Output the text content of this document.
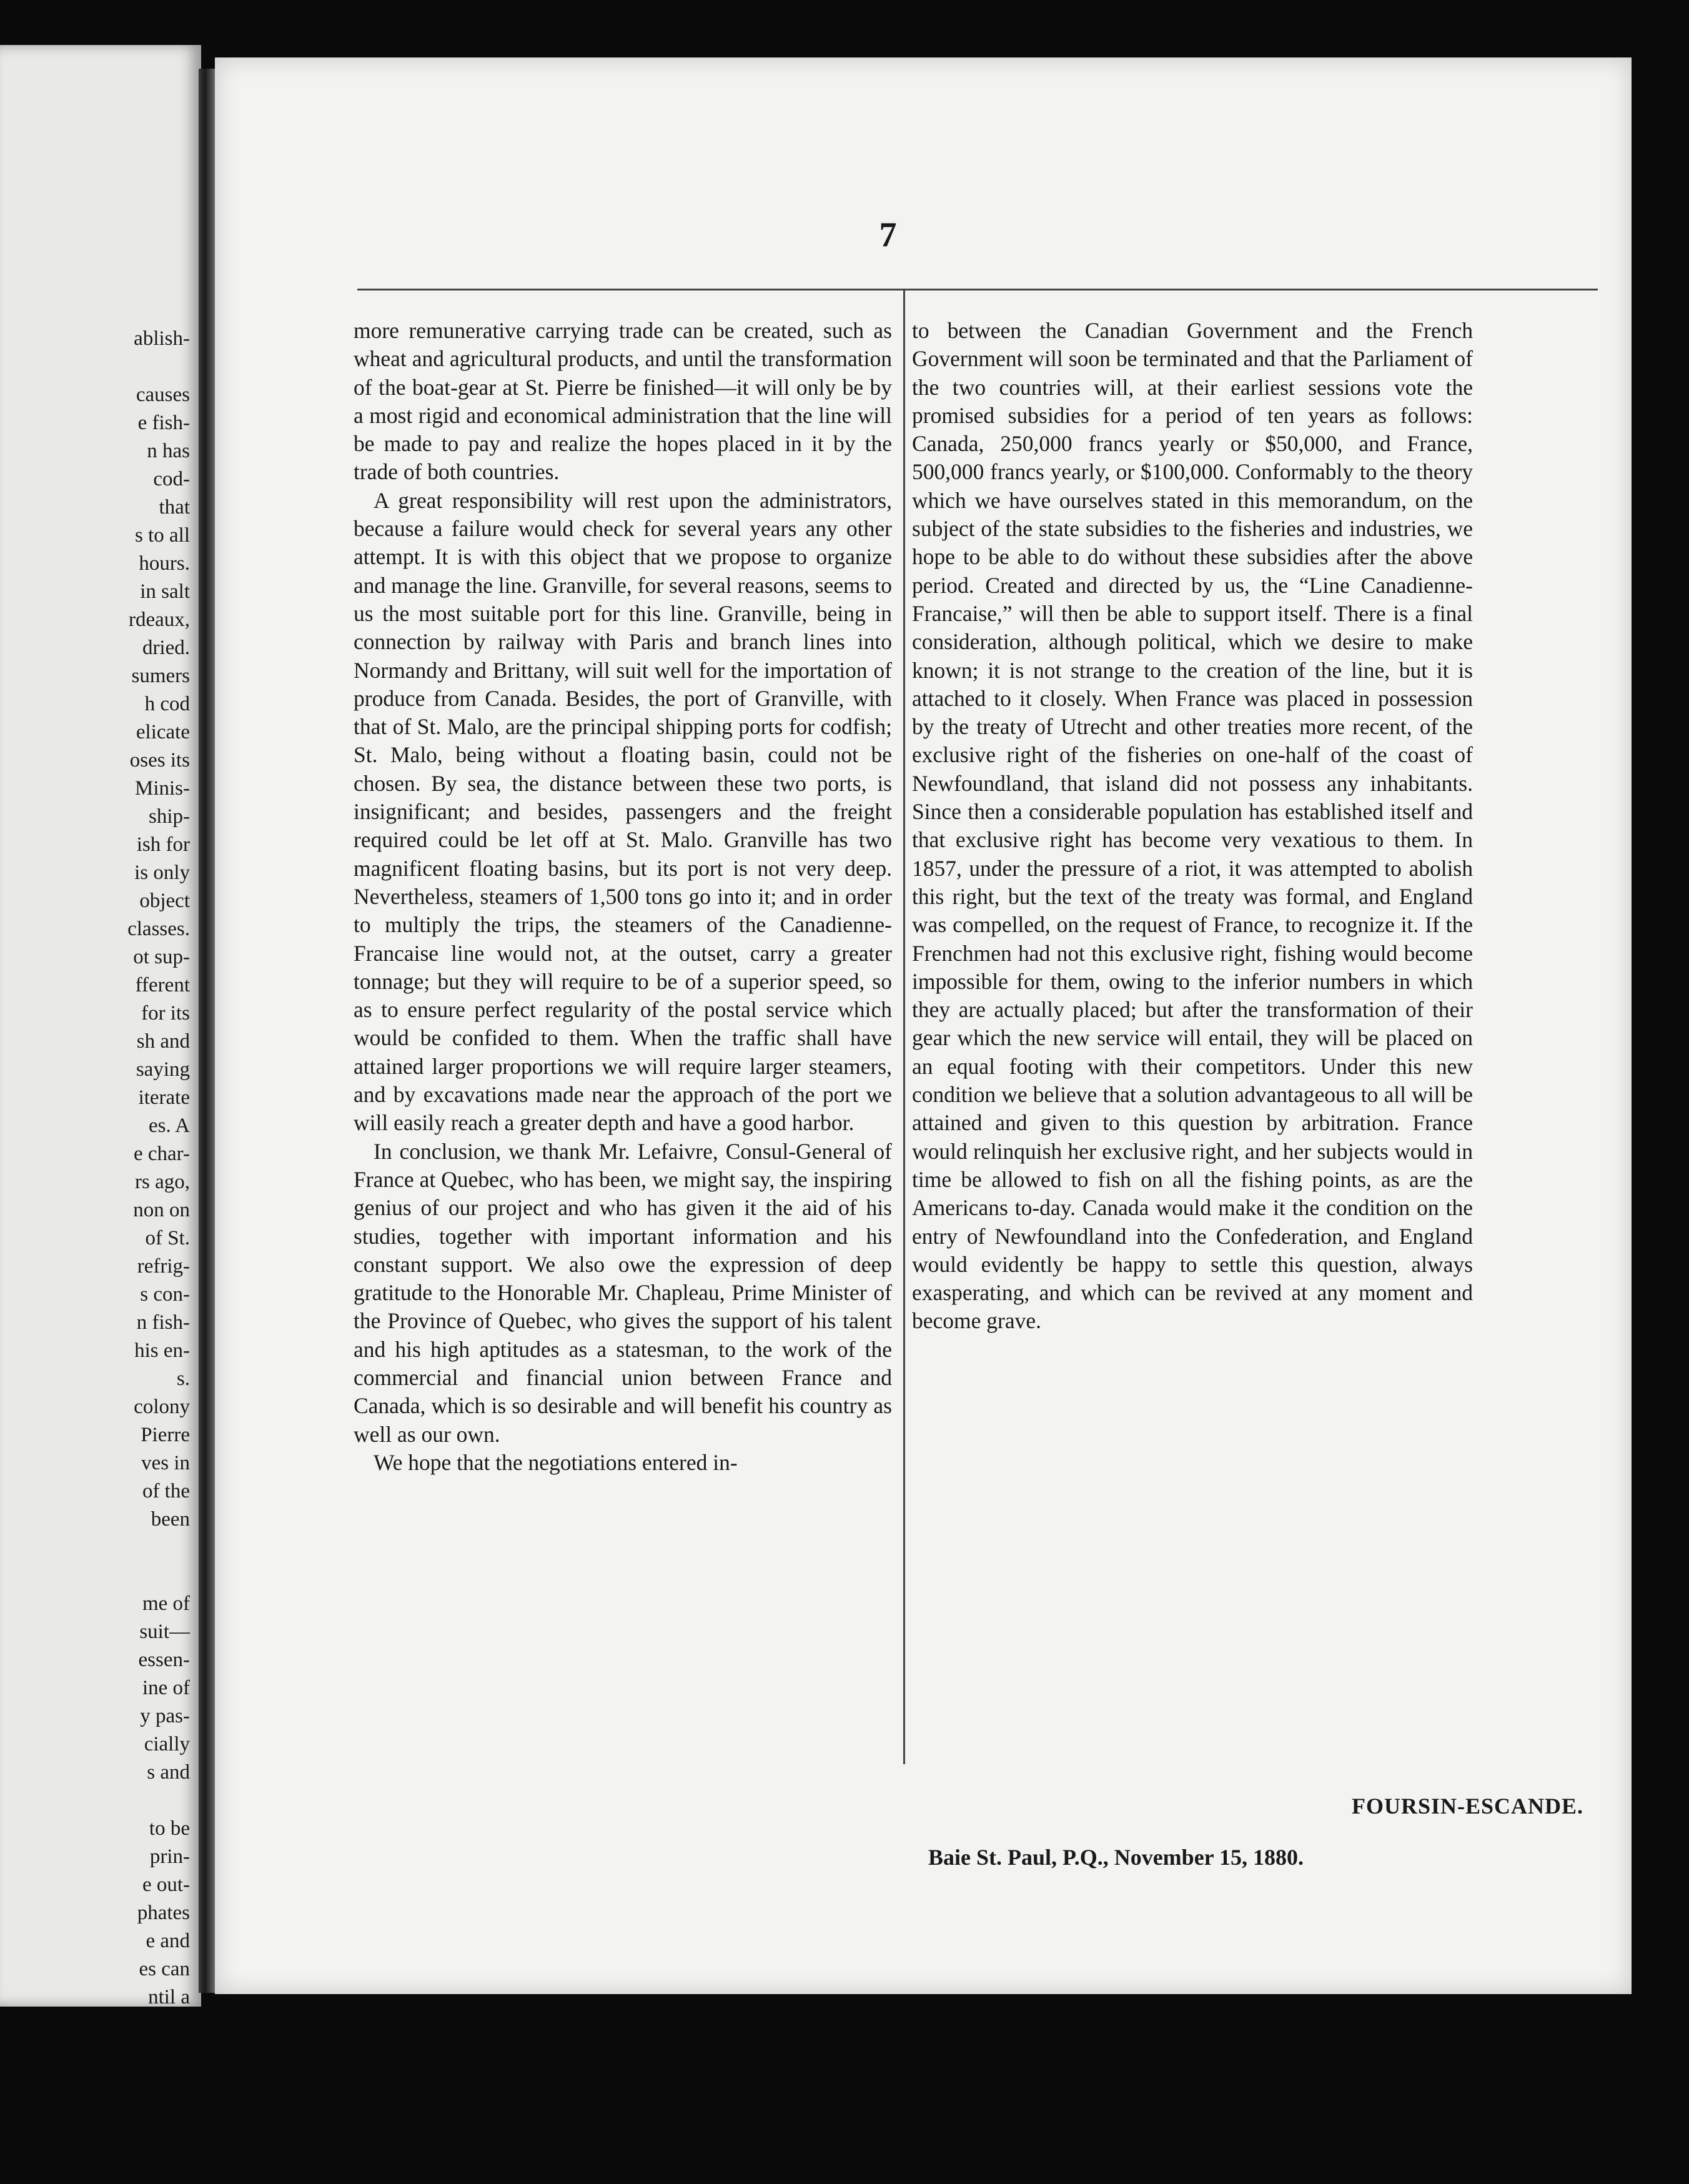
ablish-
causes
e fish-
n has
cod-
that
s to all
hours.
in salt
rdeaux,
dried.
sumers
h cod
elicate
oses its
Minis-
ship-
ish for
is only
object
classes.
ot sup-
fferent
for its
sh and
saying
iterate
es. A
e char-
rs ago,
non on
of St.
refrig-
s con-
n fish-
his en-
s.
colony
Pierre
ves in
of the
been
me of
suit—
essen-
ine of
y pas-
cially
s and
to be
prin-
e out-
phates
e and
es can
ntil a
7

more remunerative carrying trade can be created, such as wheat and agricultural products, and until the transformation of the boat-gear at St. Pierre be finished—it will only be by a most rigid and economical administration that the line will be made to pay and realize the hopes placed in it by the trade of both countries.

A great responsibility will rest upon the administrators, because a failure would check for several years any other attempt. It is with this object that we propose to organize and manage the line. Granville, for several reasons, seems to us the most suitable port for this line. Granville, being in connection by railway with Paris and branch lines into Normandy and Brittany, will suit well for the importation of produce from Canada. Besides, the port of Granville, with that of St. Malo, are the principal shipping ports for codfish; St. Malo, being without a floating basin, could not be chosen. By sea, the distance between these two ports, is insignificant; and besides, passengers and the freight required could be let off at St. Malo. Granville has two magnificent floating basins, but its port is not very deep. Nevertheless, steamers of 1,500 tons go into it; and in order to multiply the trips, the steamers of the Canadienne-Francaise line would not, at the outset, carry a greater tonnage; but they will require to be of a superior speed, so as to ensure perfect regularity of the postal service which would be confided to them. When the traffic shall have attained larger proportions we will require larger steamers, and by excavations made near the approach of the port we will easily reach a greater depth and have a good harbor.

In conclusion, we thank Mr. Lefaivre, Consul-General of France at Quebec, who has been, we might say, the inspiring genius of our project and who has given it the aid of his studies, together with important information and his constant support. We also owe the expression of deep gratitude to the Honorable Mr. Chapleau, Prime Minister of the Province of Quebec, who gives the support of his talent and his high aptitudes as a statesman, to the work of the commercial and financial union between France and Canada, which is so desirable and will benefit his country as well as our own.

We hope that the negotiations entered in-

to between the Canadian Government and the French Government will soon be terminated and that the Parliament of the two countries will, at their earliest sessions vote the promised subsidies for a period of ten years as follows: Canada, 250,000 francs yearly or $50,000, and France, 500,000 francs yearly, or $100,000. Conformably to the theory which we have ourselves stated in this memorandum, on the subject of the state subsidies to the fisheries and industries, we hope to be able to do without these subsidies after the above period. Created and directed by us, the “Line Canadienne-Francaise,” will then be able to support itself. There is a final consideration, although political, which we desire to make known; it is not strange to the creation of the line, but it is attached to it closely. When France was placed in possession by the treaty of Utrecht and other treaties more recent, of the exclusive right of the fisheries on one-half of the coast of Newfoundland, that island did not possess any inhabitants. Since then a considerable population has established itself and that exclusive right has become very vexatious to them. In 1857, under the pressure of a riot, it was attempted to abolish this right, but the text of the treaty was formal, and England was compelled, on the request of France, to recognize it. If the Frenchmen had not this exclusive right, fishing would become impossible for them, owing to the inferior numbers in which they are actually placed; but after the transformation of their gear which the new service will entail, they will be placed on an equal footing with their competitors. Under this new condition we believe that a solution advantageous to all will be attained and given to this question by arbitration. France would relinquish her exclusive right, and her subjects would in time be allowed to fish on all the fishing points, as are the Americans to-day. Canada would make it the condition on the entry of Newfoundland into the Confederation, and England would evidently be happy to settle this question, always exasperating, and which can be revived at any moment and become grave.

FOURSIN-ESCANDE.
Baie St. Paul, P.Q., November 15, 1880.
